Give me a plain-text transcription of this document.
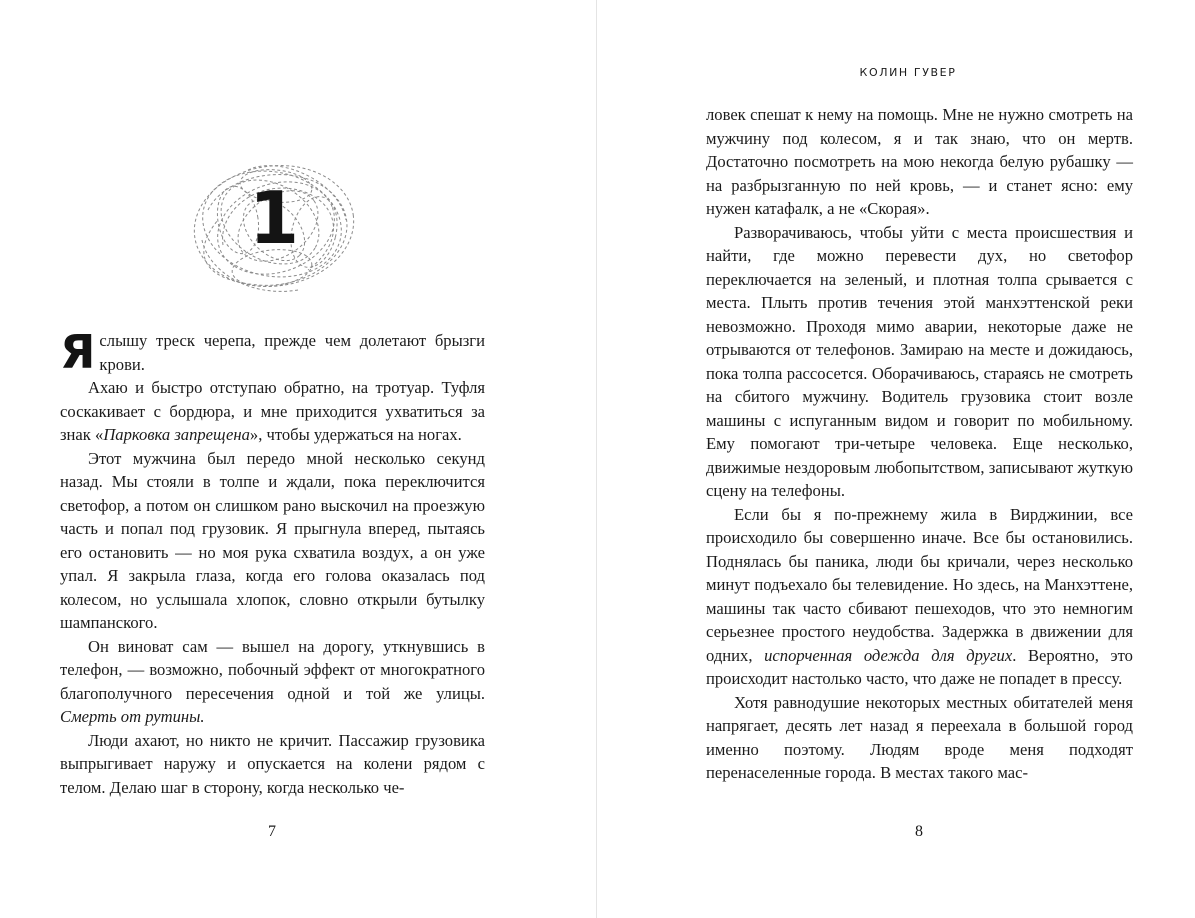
1

Яслышу треск черепа, прежде чем долетают брызги крови.

Ахаю и быстро отступаю обратно, на тротуар. Туфля соскакивает с бордюра, и мне приходится ухватиться за знак «Парковка запрещена», чтобы удержаться на ногах.

Этот мужчина был передо мной несколько секунд назад. Мы стояли в толпе и ждали, пока переключится светофор, а потом он слишком рано выскочил на проезжую часть и попал под грузовик. Я прыгнула вперед, пытаясь его остановить — но моя рука схватила воздух, а он уже упал. Я закрыла глаза, когда его голова оказалась под колесом, но услышала хлопок, словно открыли бутылку шампанского.

Он виноват сам — вышел на дорогу, уткнувшись в телефон, — возможно, побочный эффект от многократного благополучного пересечения одной и той же улицы. Смерть от рутины.

Люди ахают, но никто не кричит. Пассажир грузовика выпрыгивает наружу и опускается на колени рядом с телом. Делаю шаг в сторону, когда несколько че-

7
КОЛИН ГУВЕР

ловек спешат к нему на помощь. Мне не нужно смотреть на мужчину под колесом, я и так знаю, что он мертв. Достаточно посмотреть на мою некогда белую рубашку — на разбрызганную по ней кровь, — и станет ясно: ему нужен катафалк, а не «Скорая».

Разворачиваюсь, чтобы уйти с места происшествия и найти, где можно перевести дух, но светофор переключается на зеленый, и плотная толпа срывается с места. Плыть против течения этой манхэттенской реки невозможно. Проходя мимо аварии, некоторые даже не отрываются от телефонов. Замираю на месте и дожидаюсь, пока толпа рассосется. Оборачиваюсь, стараясь не смотреть на сбитого мужчину. Водитель грузовика стоит возле машины с испуганным видом и говорит по мобильному. Ему помогают три-четыре человека. Еще несколько, движимые нездоровым любопытством, записывают жуткую сцену на телефоны.

Если бы я по-прежнему жила в Вирджинии, все происходило бы совершенно иначе. Все бы остановились. Поднялась бы паника, люди бы кричали, через несколько минут подъехало бы телевидение. Но здесь, на Манхэттене, машины так часто сбивают пешеходов, что это немногим серьезнее простого неудобства. Задержка в движении для одних, испорченная одежда для других. Вероятно, это происходит настолько часто, что даже не попадет в прессу.

Хотя равнодушие некоторых местных обитателей меня напрягает, десять лет назад я переехала в большой город именно поэтому. Людям вроде меня подходят перенаселенные города. В местах такого мас-

8
